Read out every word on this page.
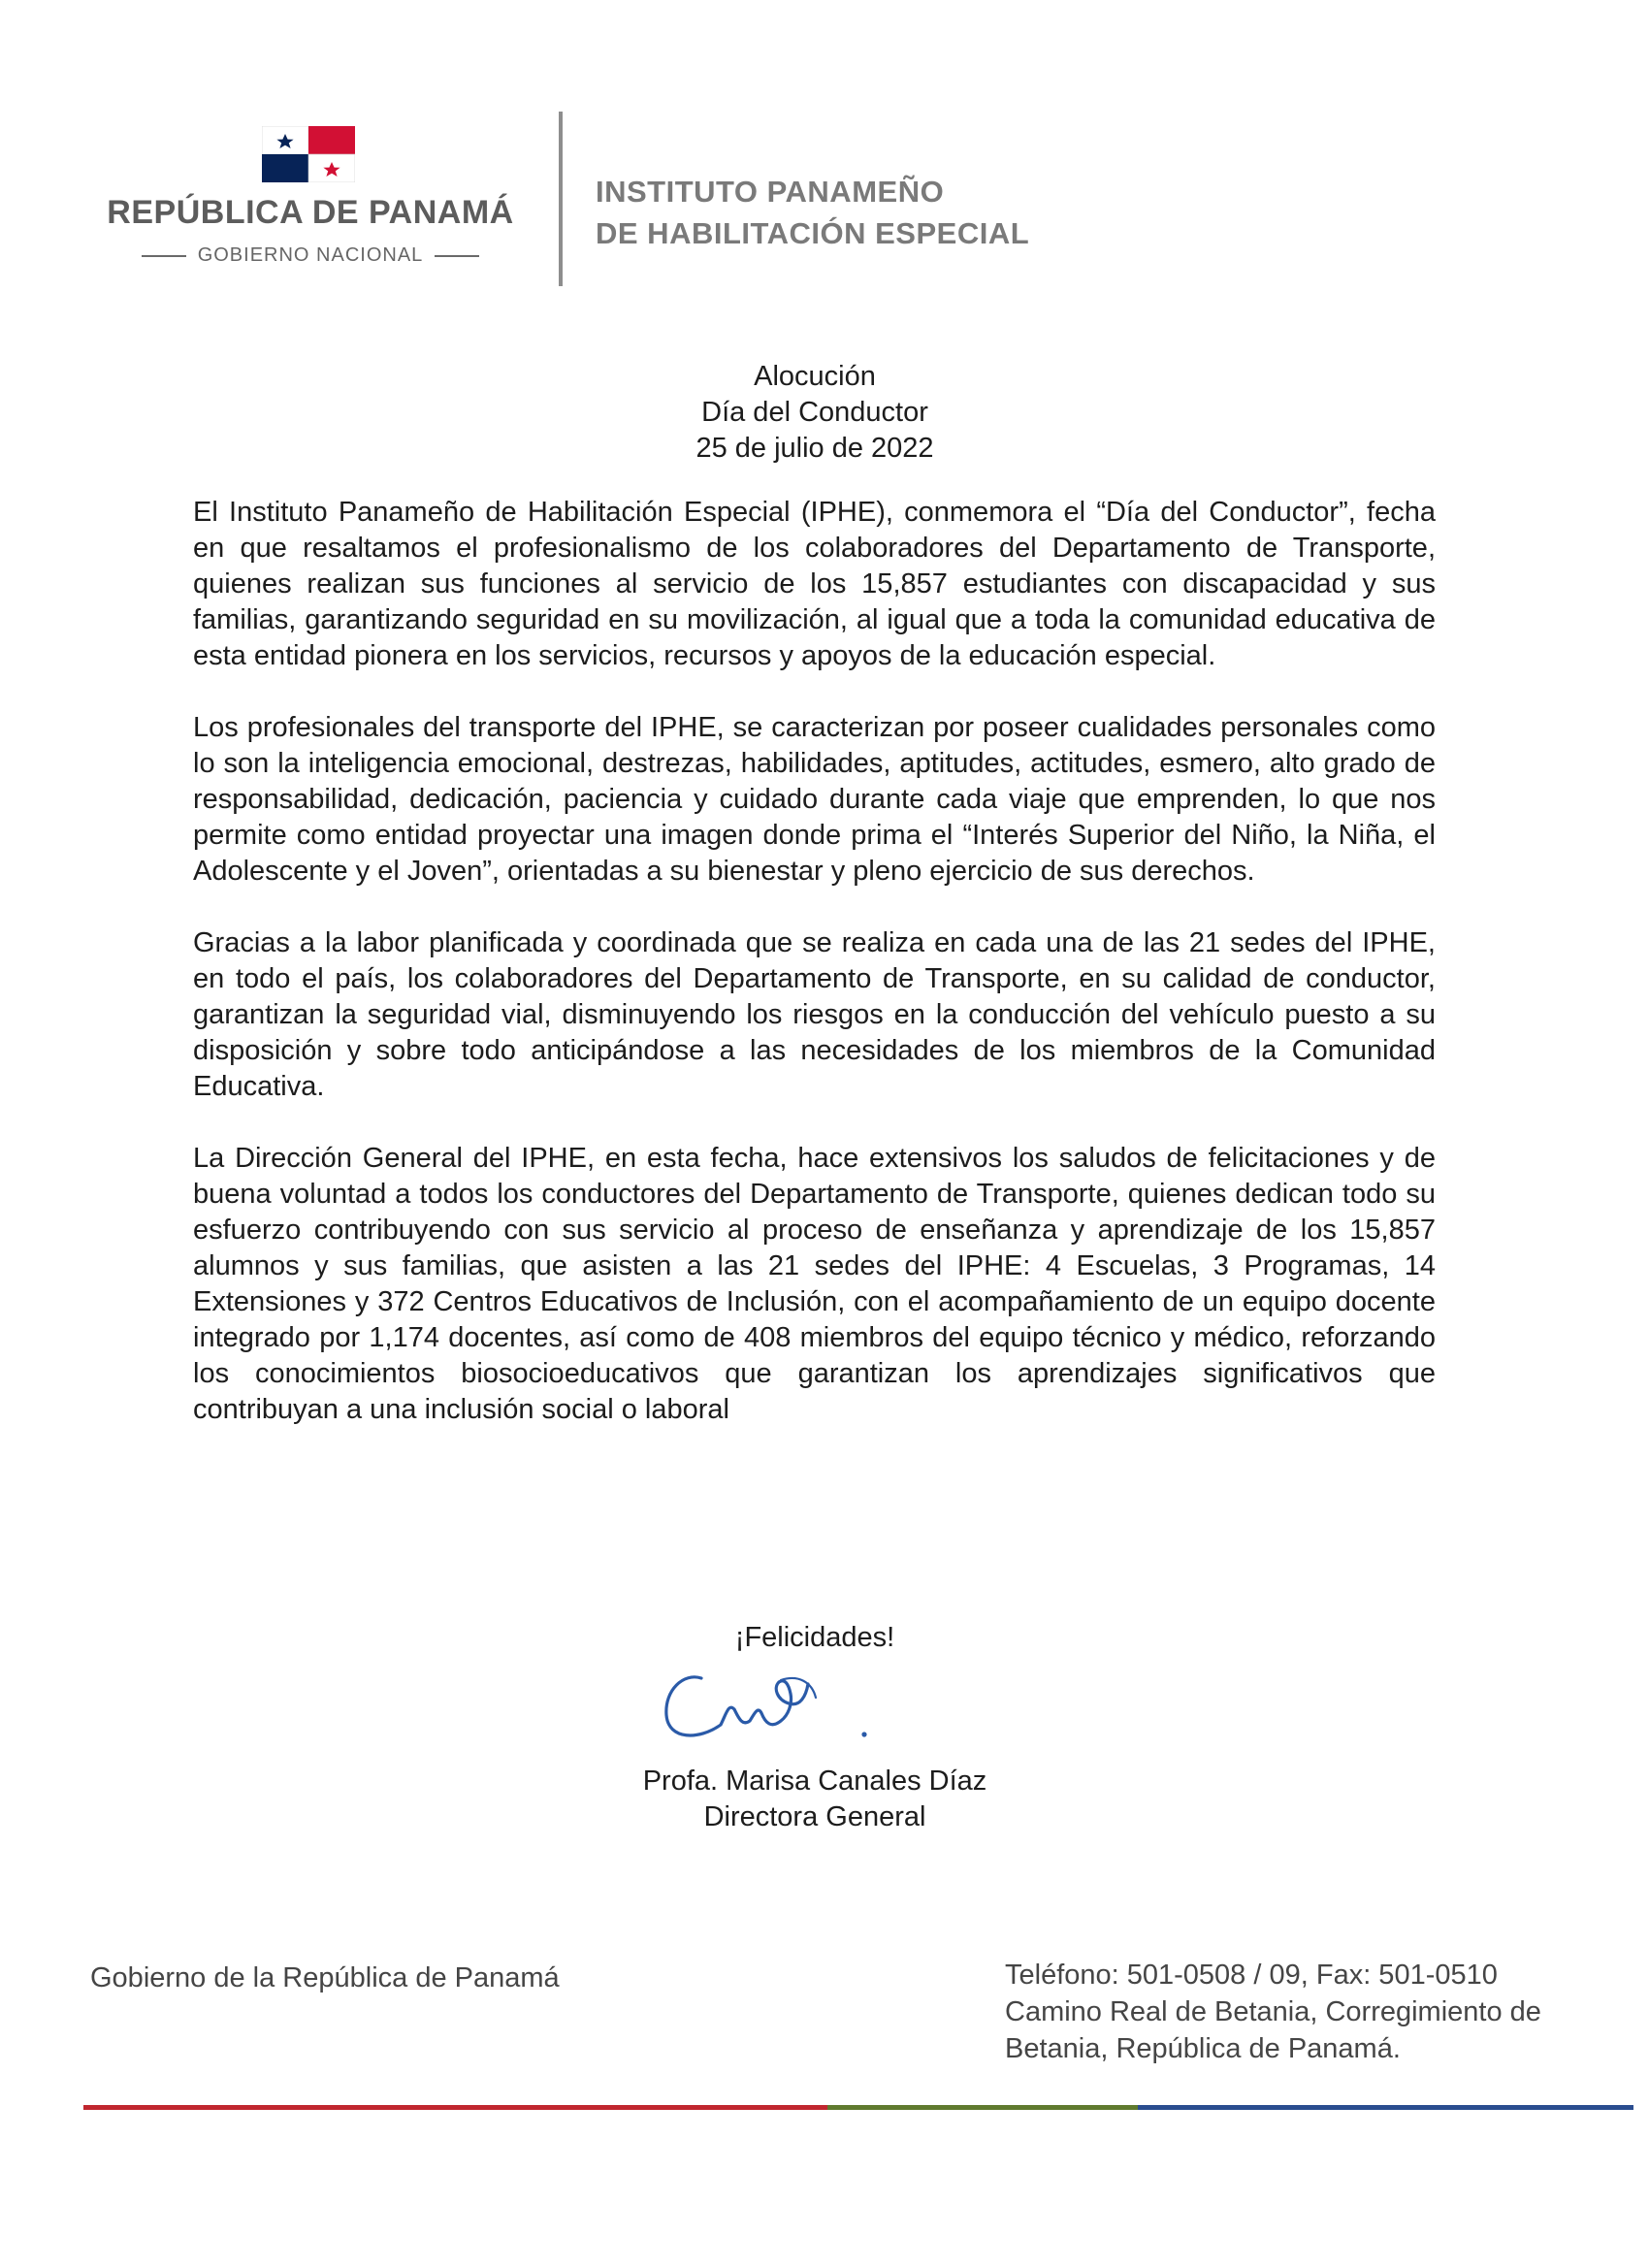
REPÚBLICA DE PANAMÁ
GOBIERNO NACIONAL
INSTITUTO PANAMEÑO
DE HABILITACIÓN ESPECIAL
Alocución
Día del Conductor
25 de julio de 2022

El Instituto Panameño de Habilitación Especial (IPHE), conmemora el “Día del Conductor”, fecha en que resaltamos el profesionalismo de los colaboradores del Departamento de Transporte, quienes realizan sus funciones al servicio de los 15,857 estudiantes con discapacidad y sus familias, garantizando seguridad en su movilización, al igual que a toda la comunidad educativa de esta entidad pionera en los servicios, recursos y apoyos de la educación especial.

Los profesionales del transporte del IPHE, se caracterizan por poseer cualidades personales como lo son la inteligencia emocional, destrezas, habilidades, aptitudes, actitudes, esmero, alto grado de responsabilidad, dedicación, paciencia y cuidado durante cada viaje que emprenden, lo que nos permite como entidad proyectar una imagen donde prima el “Interés Superior del Niño, la Niña, el Adolescente y el Joven”, orientadas a su bienestar y pleno ejercicio de sus derechos.

Gracias a la labor planificada y coordinada que se realiza en cada una de las 21 sedes del IPHE, en todo el país, los colaboradores del Departamento de Transporte, en su calidad de conductor, garantizan la seguridad vial, disminuyendo los riesgos en la conducción del vehículo puesto a su disposición y sobre todo anticipándose a las necesidades de los miembros de la Comunidad Educativa.

La Dirección General del IPHE, en esta fecha, hace extensivos los saludos de felicitaciones y de buena voluntad a todos los conductores del Departamento de Transporte, quienes dedican todo su esfuerzo contribuyendo con sus servicio al proceso de enseñanza y aprendizaje de los 15,857 alumnos y sus familias, que asisten a las 21 sedes del IPHE: 4 Escuelas, 3 Programas, 14 Extensiones y 372 Centros Educativos de Inclusión, con el acompañamiento de un equipo docente integrado por 1,174 docentes, así como de 408 miembros del equipo técnico y médico, reforzando los conocimientos biosocioeducativos que garantizan los aprendizajes significativos que contribuyan a una inclusión social o laboral

¡Felicidades!
Profa. Marisa Canales Díaz
Directora General
Gobierno de la República de Panamá	Teléfono: 501-0508 / 09, Fax: 501-0510
Camino Real de Betania, Corregimiento de
Betania, República de Panamá.
